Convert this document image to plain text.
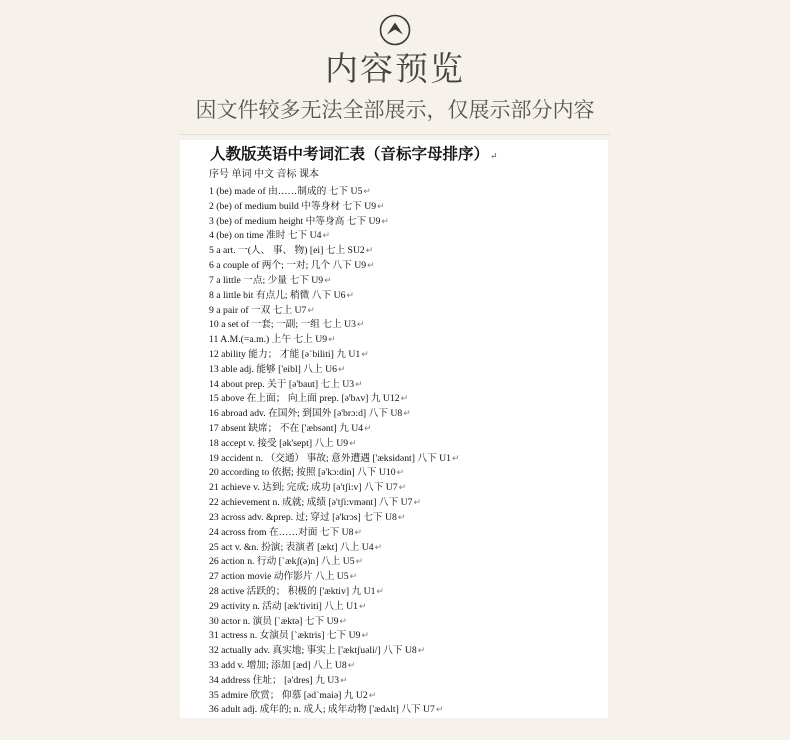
内容预览
因文件较多无法全部展示，仅展示部分内容
人教版英语中考词汇表（音标字母排序）↵
序号 单词 中文 音标 课本
1 (be) made of 由……制成的 七下 U5↵
2 (be) of medium build 中等身材 七下 U9↵
3 (be) of medium height 中等身高 七下 U9↵
4 (be) on time 准时 七下 U4↵
5 a art. 一(人、 事、 物) [ei] 七上 SU2↵
6 a couple of 两个; 一对; 几个 八下 U9↵
7 a little 一点; 少量 七下 U9↵
8 a little bit 有点儿; 稍微 八下 U6↵
9 a pair of 一双 七上 U7↵
10 a set of 一套; 一副; 一组 七上 U3↵
11 A.M.(=a.m.) 上午 七上 U9↵
12 ability 能力； 才能 [ə`biliti] 九 U1↵
13 able adj. 能够 ['eibl] 八上 U6↵
14 about prep. 关于 [ə'baut] 七上 U3↵
15 above 在上面； 向上面 prep. [ə'bʌv] 九 U12↵
16 abroad adv. 在国外; 到国外 [ə'brɔ:d] 八下 U8↵
17 absent 缺席； 不在 ['æbsənt] 九 U4↵
18 accept v. 接受 [ək'sept] 八上 U9↵
19 accident n. （交通） 事故; 意外遭遇 ['æksidənt] 八下 U1↵
20 according to 依据; 按照 [ə'kɔ:din] 八下 U10↵
21 achieve v. 达到; 完成; 成功 [ə'tʃi:v] 八下 U7↵
22 achievement n. 成就; 成绩 [ə'tʃi:vmənt] 八下 U7↵
23 across adv. &prep. 过; 穿过 [ə'krɔs] 七下 U8↵
24 across from 在……对面 七下 U8↵
25 act v. &n. 扮演; 表演者 [ækt] 八上 U4↵
26 action n. 行动 [ˋækʃ(ə)n] 八上 U5↵
27 action movie 动作影片 八上 U5↵
28 active 活跃的； 积极的 ['æktiv] 九 U1↵
29 activity n. 活动 [æk'tiviti] 八上 U1↵
30 actor n. 演员 [ˋæktə] 七下 U9↵
31 actress n. 女演员 [ˋæktris] 七下 U9↵
32 actually adv. 真实地; 事实上 ['æktʃuəli/] 八下 U8↵
33 add v. 增加; 添加 [æd] 八上 U8↵
34 address 住址； [ə'dres] 九 U3↵
35 admire 欣赏； 仰慕 [ədˋmaiə] 九 U2↵
36 adult adj. 成年的; n. 成人; 成年动物 ['ædʌlt] 八下 U7↵
